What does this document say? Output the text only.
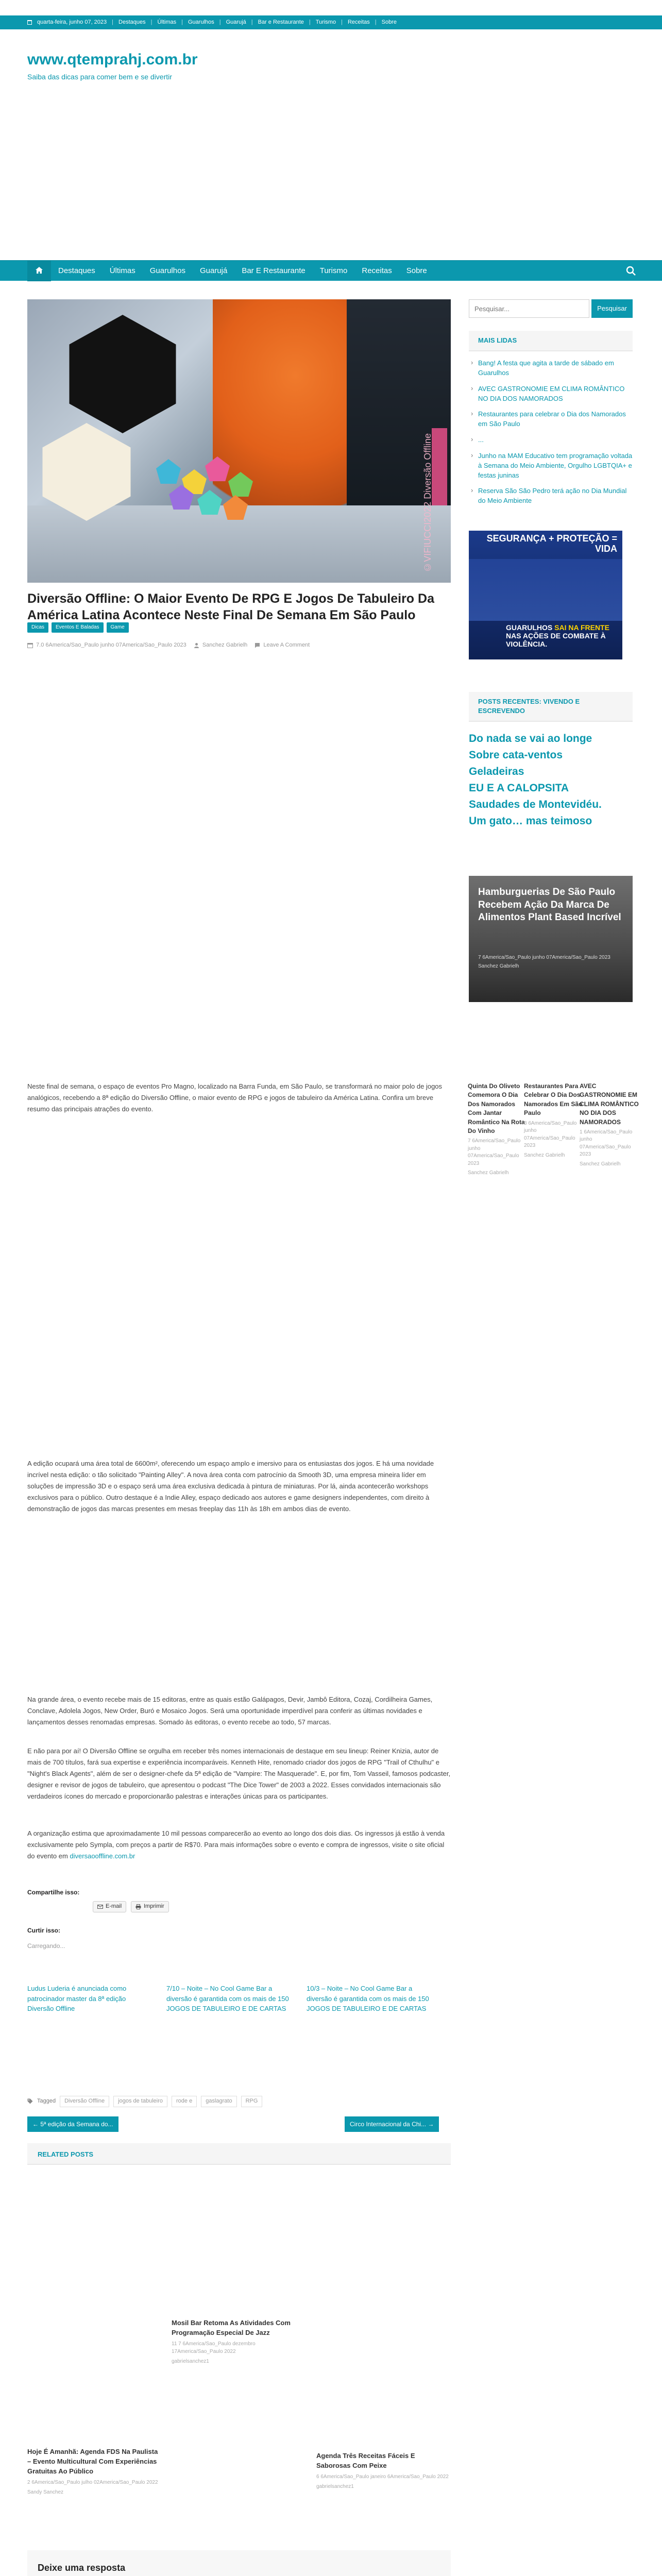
quarta-feira, junho 07, 2023 | Destaques | Últimas | Guarulhos | Guarujá | Bar e Restaurante | Turismo | Receitas | Sobre
www.qtemprahj.com.br
Saiba das dicas para comer bem e se divertir
Destaques	Últimas	Guarulhos	Guarujá	Bar E Restaurante	Turismo	Receitas	Sobre
©VIFIUCCI2022 Diversão Offline
Diversão Offline: O Maior Evento De RPG E Jogos De Tabuleiro Da América Latina Acontece Neste Final De Semana Em São Paulo
Dicas	Eventos E Baladas	Game
7.0 6America/Sao_Paulo junho 07America/Sao_Paulo 2023	Sanchez Gabrielh	Leave A Comment

Neste final de semana, o espaço de eventos Pro Magno, localizado na Barra Funda, em São Paulo, se transformará no maior polo de jogos analógicos, recebendo a 8ª edição do Diversão Offline, o maior evento de RPG e jogos de tabuleiro da América Latina. Confira um breve resumo das principais atrações do evento.

A edição ocupará uma área total de 6600m², oferecendo um espaço amplo e imersivo para os entusiastas dos jogos. E há uma novidade incrível nesta edição: o tão solicitado "Painting Alley". A nova área conta com patrocínio da Smooth 3D, uma empresa mineira líder em soluções de impressão 3D e o espaço será uma área exclusiva dedicada à pintura de miniaturas. Por lá, ainda acontecerão workshops exclusivos para o público. Outro destaque é a Indie Alley, espaço dedicado aos autores e game designers independentes, com direito à demonstração de jogos das marcas presentes em mesas freeplay das 11h às 18h em ambos dias de evento.

Na grande área, o evento recebe mais de 15 editoras, entre as quais estão Galápagos, Devir, Jambô Editora, Cozaj, Cordilheira Games, Conclave, Adolela Jogos, New Order, Buró e Mosaico Jogos. Será uma oportunidade imperdível para conferir as últimas novidades e lançamentos desses renomadas empresas. Somado às editoras, o evento recebe ao todo, 57 marcas.

E não para por aí! O Diversão Offline se orgulha em receber três nomes internacionais de destaque em seu lineup: Reiner Knizia, autor de mais de 700 títulos, fará sua expertise e experiência incomparáveis. Kenneth Hite, renomado criador dos jogos de RPG "Trail of Cthulhu" e "Night's Black Agents", além de ser o designer-chefe da 5ª edição de "Vampire: The Masquerade". E, por fim, Tom Vasseil, famosos podcaster, designer e revisor de jogos de tabuleiro, que apresentou o podcast "The Dice Tower" de 2003 a 2022. Esses convidados internacionais são verdadeiros ícones do mercado e proporcionarão palestras e interações únicas para os participantes.

A organização estima que aproximadamente 10 mil pessoas comparecerão ao evento ao longo dos dois dias. Os ingressos já estão à venda exclusivamente pelo Sympla, com preços a partir de R$70. Para mais informações sobre o evento e compra de ingressos, visite o site oficial do evento em diversaooffline.com.br

Quinta Do Oliveto Comemora O Dia Dos Namorados Com Jantar Romântico Na Rota Do Vinho
7 6America/Sao_Paulo junho 07America/Sao_Paulo 2023
Sanchez Gabrielh
Restaurantes Para Celebrar O Dia Dos Namorados Em São Paulo
3 6America/Sao_Paulo junho 07America/Sao_Paulo 2023
Sanchez Gabrielh
AVEC GASTRONOMIE EM CLIMA ROMÂNTICO NO DIA DOS NAMORADOS
1 6America/Sao_Paulo junho 07America/Sao_Paulo 2023
Sanchez Gabrielh
Compartilhe isso:
E-mail	Imprimir
Curtir isso:
Carregando...
Ludus Luderia é anunciada como patrocinador master da 8ª edição Diversão Offline
7/10 – Noite – No Cool Game Bar a diversão é garantida com os mais de 150 JOGOS DE TABULEIRO E DE CARTAS
10/3 – Noite – No Cool Game Bar a diversão é garantida com os mais de 150 JOGOS DE TABULEIRO E DE CARTAS
Tagged	Diversão Offline	jogos de tabuleiro	rode e	gaslagrato	RPG
← 5ª edição da Semana do...	Circo Internacional da Chi... →
RELATED POSTS
Mosil Bar Retoma As Atividades Com Programação Especial De Jazz
11 7 6America/Sao_Paulo dezembro 17America/Sao_Paulo 2022
gabrielsanchez1
Hoje É Amanhã: Agenda FDS Na Paulista – Evento Multicultural Com Experiências Gratuitas Ao Público
2 6America/Sao_Paulo julho 02America/Sao_Paulo 2022
Sandy Sanchez
Agenda Três Receitas Fáceis E Saborosas Com Peixe
6 6America/Sao_Paulo janeiro 6America/Sao_Paulo 2022
gabrielsanchez1
Deixe uma resposta
Pesquisar...
Pesquisar
MAIS LIDAS
› Bang! A festa que agita a tarde de sábado em Guarulhos
› AVEC GASTRONOMIE EM CLIMA ROMÂNTICO NO DIA DOS NAMORADOS
› Restaurantes para celebrar o Dia dos Namorados em São Paulo
› ...
› Junho na MAM Educativo tem programação voltada à Semana do Meio Ambiente, Orgulho LGBTQIA+ e festas juninas
› Reserva São São Pedro terá ação no Dia Mundial do Meio Ambiente
SEGURANÇA + PROTEÇÃO = VIDA
GUARULHOS SAI NA FRENTE NAS AÇÕES DE COMBATE À VIOLÊNCIA.
POSTS RECENTES: VIVENDO E ESCREVENDO
Do nada se vai ao longe
Sobre cata-ventos
Geladeiras
EU E A CALOPSITA
Saudades de Montevidéu.
Um gato… mas teimoso
Hamburguerias De São Paulo Recebem Ação Da Marca De Alimentos Plant Based Incrível
7 6America/Sao_Paulo junho 07America/Sao_Paulo 2023
Sanchez Gabrielh
